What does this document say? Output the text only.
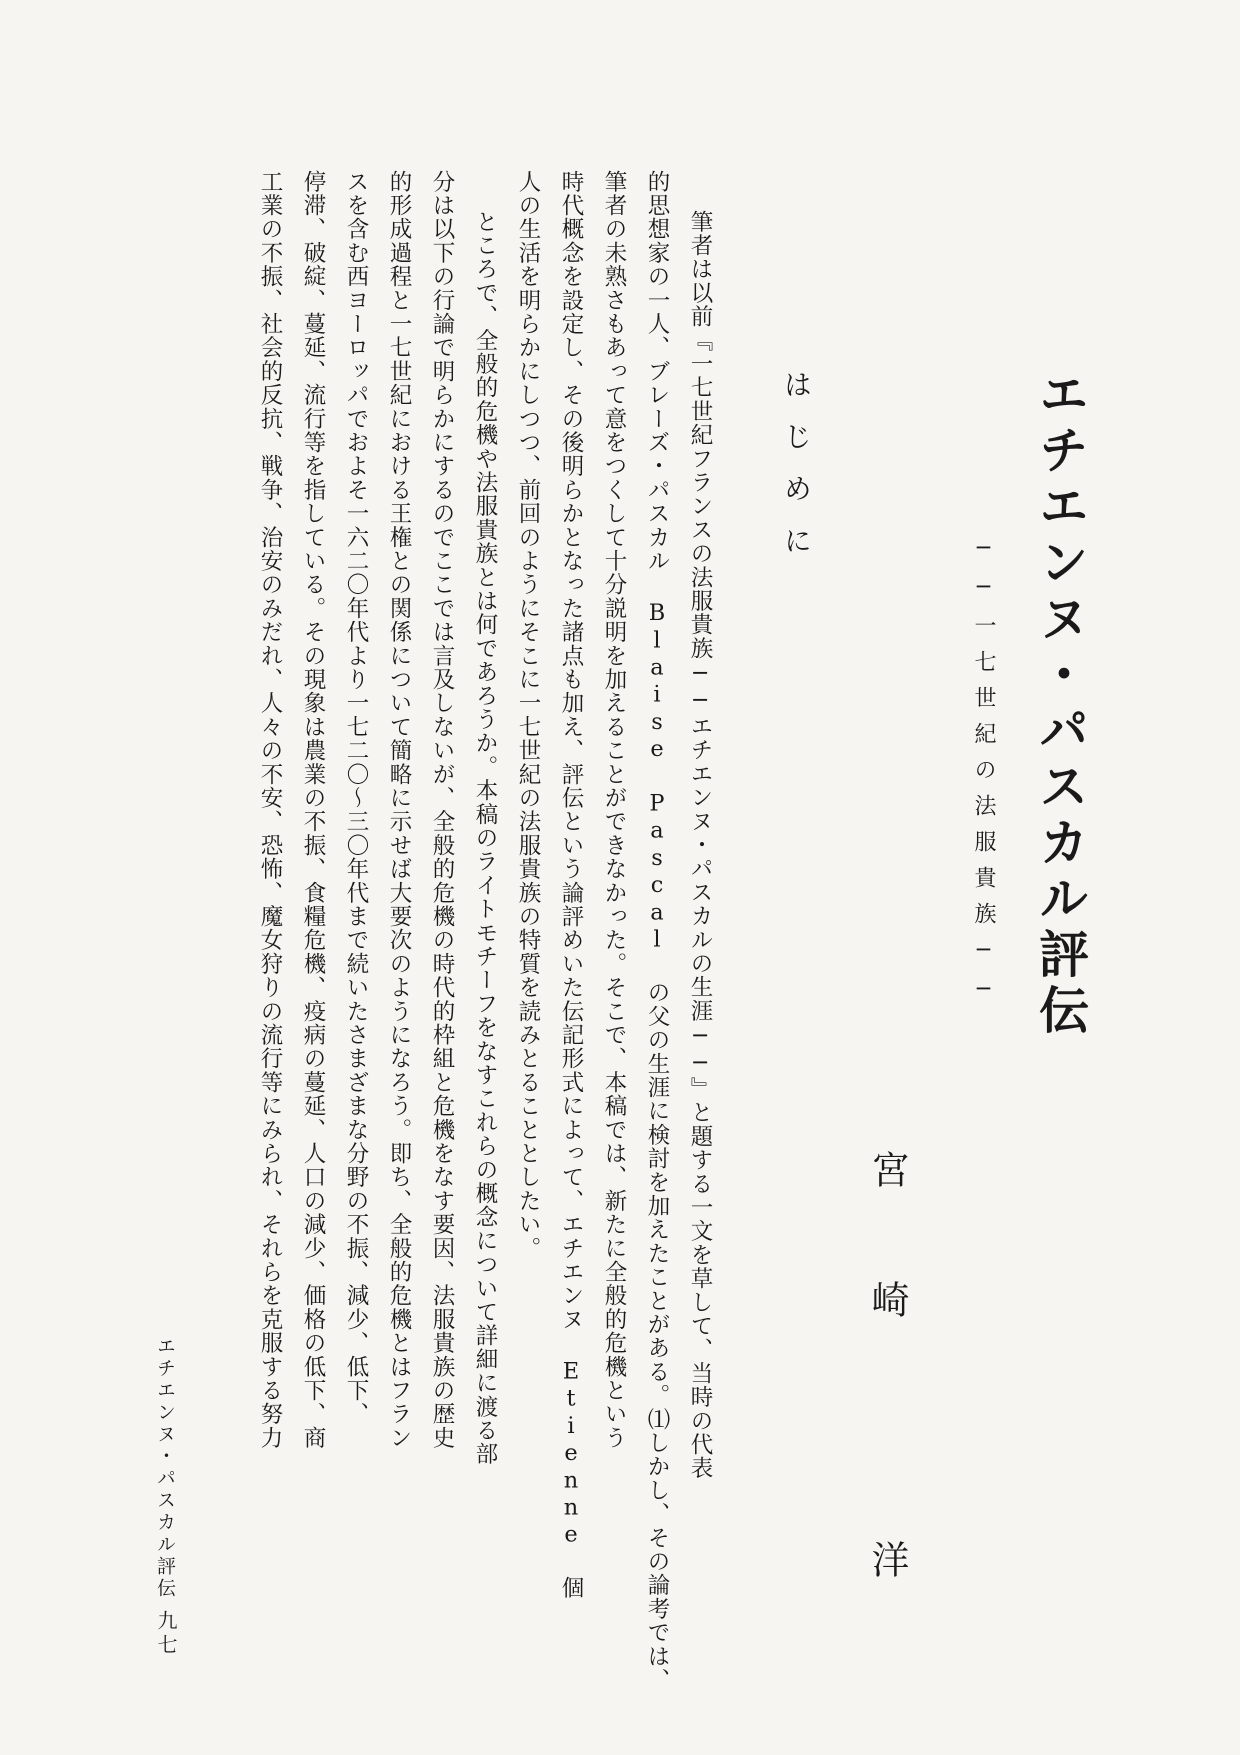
エチエンヌ・パスカル評伝
──一七世紀の法服貴族──
宮崎　洋
はじめに
筆者は以前『一七世紀フランスの法服貴族──エチエンヌ・パスカルの生涯──』と題する一文を草して、当時の代表
的思想家の一人、ブレーズ・パスカル Blaise Pascal の父の生涯に検討を加えたことがある。⑴しかし、その論考では、
筆者の未熟さもあって意をつくして十分説明を加えることができなかった。そこで、本稿では、新たに全般的危機という
時代概念を設定し、その後明らかとなった諸点も加え、評伝という論評めいた伝記形式によって、エチエンヌ Etienne 個
人の生活を明らかにしつつ、前回のようにそこに一七世紀の法服貴族の特質を読みとることとしたい。
ところで、全般的危機や法服貴族とは何であろうか。本稿のライトモチーフをなすこれらの概念について詳細に渡る部
分は以下の行論で明らかにするのでここでは言及しないが、全般的危機の時代的枠組と危機をなす要因、法服貴族の歴史
的形成過程と一七世紀における王権との関係について簡略に示せば大要次のようになろう。即ち、全般的危機とはフラン
スを含む西ヨーロッパでおよそ一六二〇年代より一七二〇〜三〇年代まで続いたさまざまな分野の不振、減少、低下、
停滞、破綻、蔓延、流行等を指している。その現象は農業の不振、食糧危機、疫病の蔓延、人口の減少、価格の低下、商
工業の不振、社会的反抗、戦争、治安のみだれ、人々の不安、恐怖、魔女狩りの流行等にみられ、それらを克服する努力
エチエンヌ・パスカル評伝
九七
